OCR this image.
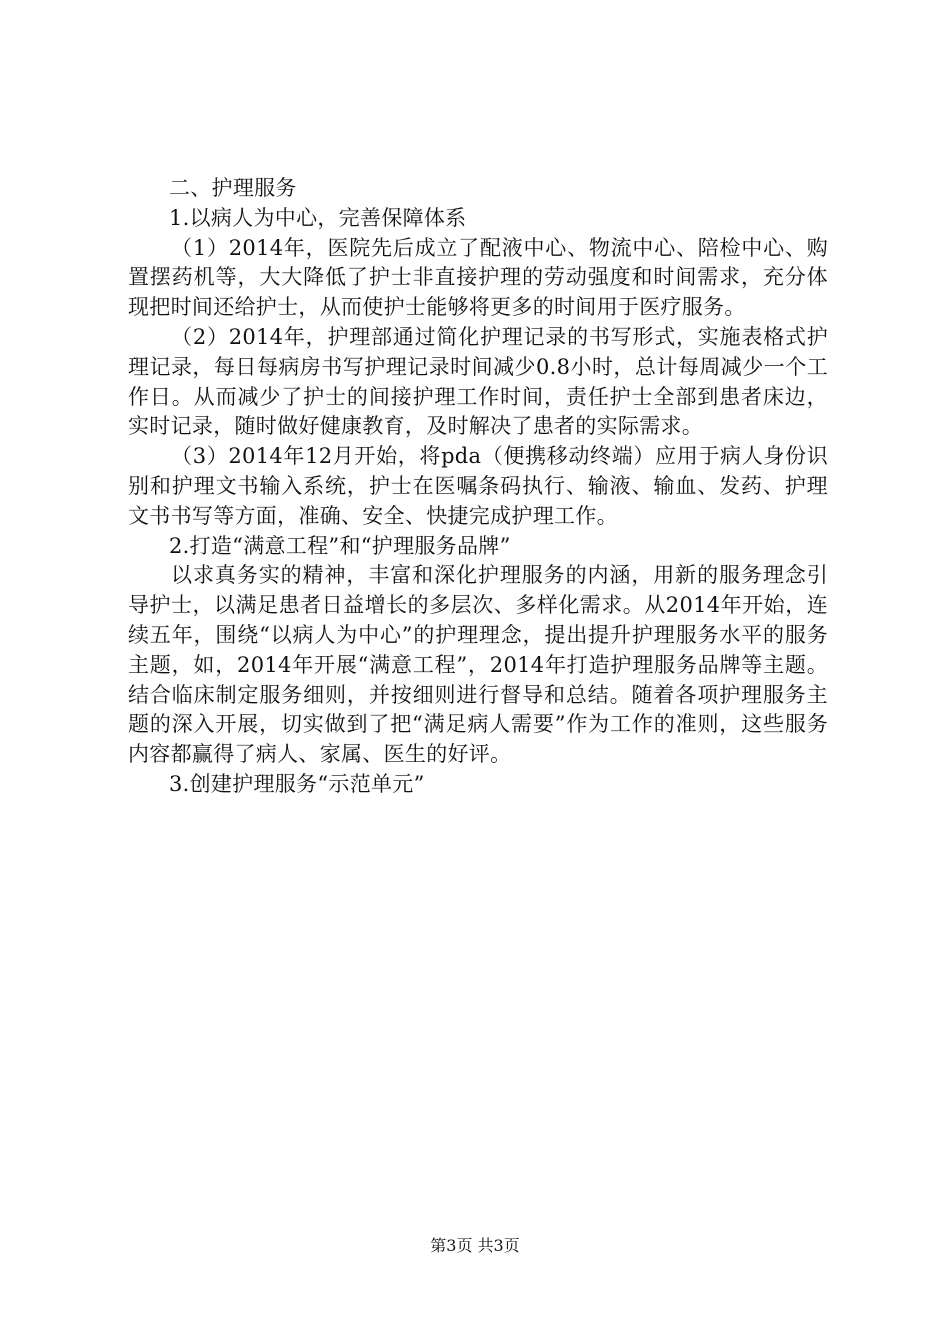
二、护理服务

1.以病人为中心，完善保障体系

（1）2014年，医院先后成立了配液中心、物流中心、陪检中心、购置摆药机等，大大降低了护士非直接护理的劳动强度和时间需求，充分体现把时间还给护士，从而使护士能够将更多的时间用于医疗服务。

（2）2014年，护理部通过简化护理记录的书写形式，实施表格式护理记录，每日每病房书写护理记录时间减少0.8小时，总计每周减少一个工作日。从而减少了护士的间接护理工作时间，责任护士全部到患者床边，实时记录，随时做好健康教育，及时解决了患者的实际需求。

（3）2014年12月开始，将pda（便携移动终端）应用于病人身份识别和护理文书输入系统，护士在医嘱条码执行、输液、输血、发药、护理文书书写等方面，准确、安全、快捷完成护理工作。

2.打造“满意工程”和“护理服务品牌”

以求真务实的精神，丰富和深化护理服务的内涵，用新的服务理念引导护士，以满足患者日益增长的多层次、多样化需求。从2014年开始，连续五年，围绕“以病人为中心”的护理理念，提出提升护理服务水平的服务主题，如，2014年开展“满意工程”，2014年打造护理服务品牌等主题。结合临床制定服务细则，并按细则进行督导和总结。随着各项护理服务主题的深入开展，切实做到了把“满足病人需要”作为工作的准则，这些服务内容都赢得了病人、家属、医生的好评。

3.创建护理服务“示范单元”

第3页 共3页
